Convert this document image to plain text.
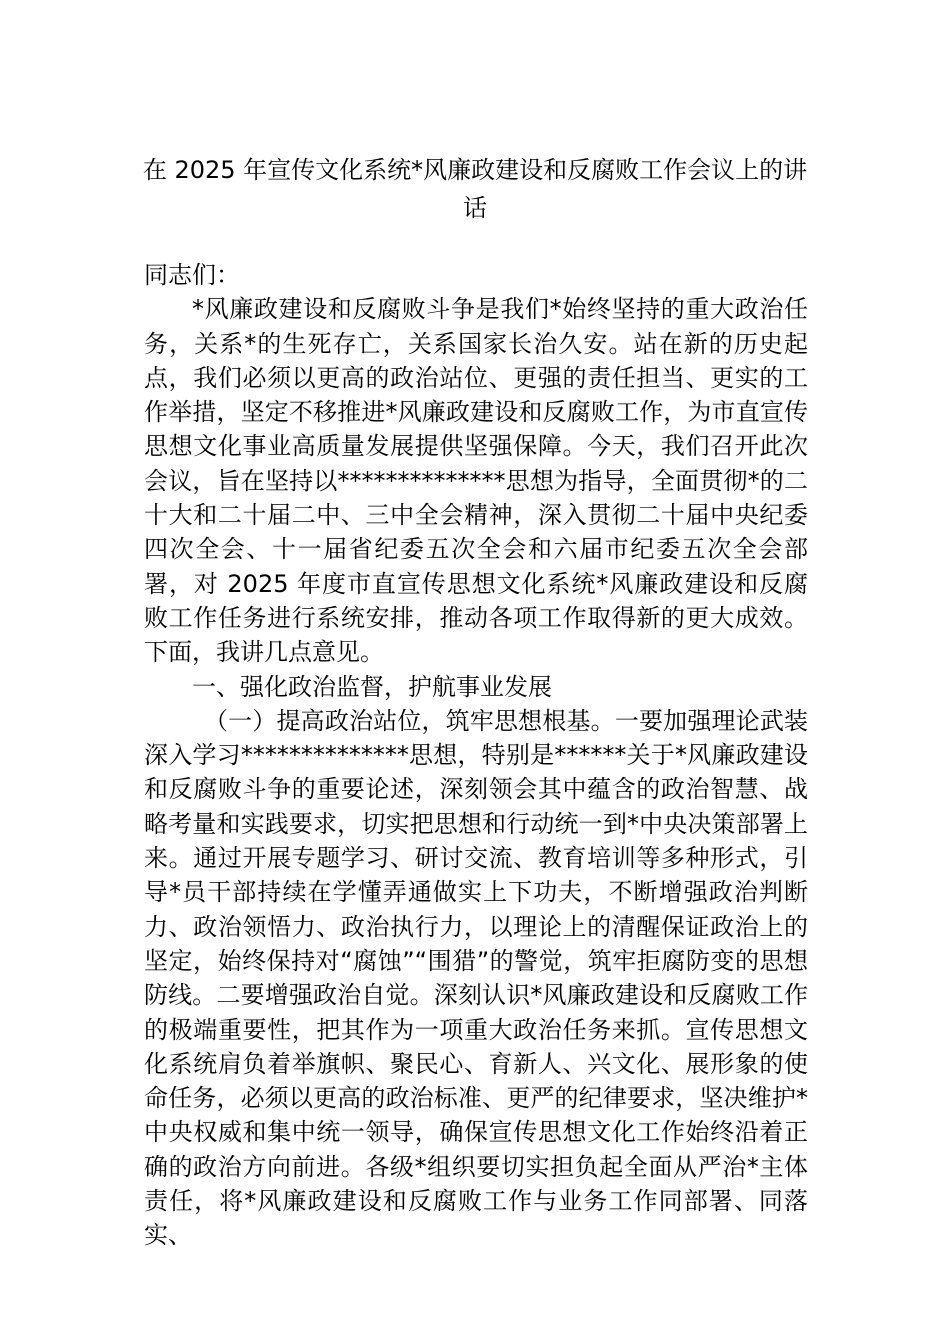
在 2025 年宣传文化系统*风廉政建设和反腐败工作会议上的讲话

同志们：

*风廉政建设和反腐败斗争是我们*始终坚持的重大政治任务，关系*的生死存亡，关系国家长治久安。站在新的历史起点，我们必须以更高的政治站位、更强的责任担当、更实的工作举措，坚定不移推进*风廉政建设和反腐败工作，为市直宣传思想文化事业高质量发展提供坚强保障。今天，我们召开此次会议，旨在坚持以**************思想为指导，全面贯彻*的二十大和二十届二中、三中全会精神，深入贯彻二十届中央纪委四次全会、十一届省纪委五次全会和六届市纪委五次全会部署，对 2025 年度市直宣传思想文化系统*风廉政建设和反腐败工作任务进行系统安排，推动各项工作取得新的更大成效。下面，我讲几点意见。

一、强化政治监督，护航事业发展

（一）提高政治站位，筑牢思想根基。一要加强理论武装深入学习**************思想，特别是******关于*风廉政建设和反腐败斗争的重要论述，深刻领会其中蕴含的政治智慧、战略考量和实践要求，切实把思想和行动统一到*中央决策部署上来。通过开展专题学习、研讨交流、教育培训等多种形式，引导*员干部持续在学懂弄通做实上下功夫，不断增强政治判断力、政治领悟力、政治执行力，以理论上的清醒保证政治上的坚定，始终保持对“腐蚀”“围猎”的警觉，筑牢拒腐防变的思想防线。二要增强政治自觉。深刻认识*风廉政建设和反腐败工作的极端重要性，把其作为一项重大政治任务来抓。宣传思想文化系统肩负着举旗帜、聚民心、育新人、兴文化、展形象的使命任务，必须以更高的政治标准、更严的纪律要求，坚决维护*中央权威和集中统一领导，确保宣传思想文化工作始终沿着正确的政治方向前进。各级*组织要切实担负起全面从严治*主体责任，将*风廉政建设和反腐败工作与业务工作同部署、同落实、
